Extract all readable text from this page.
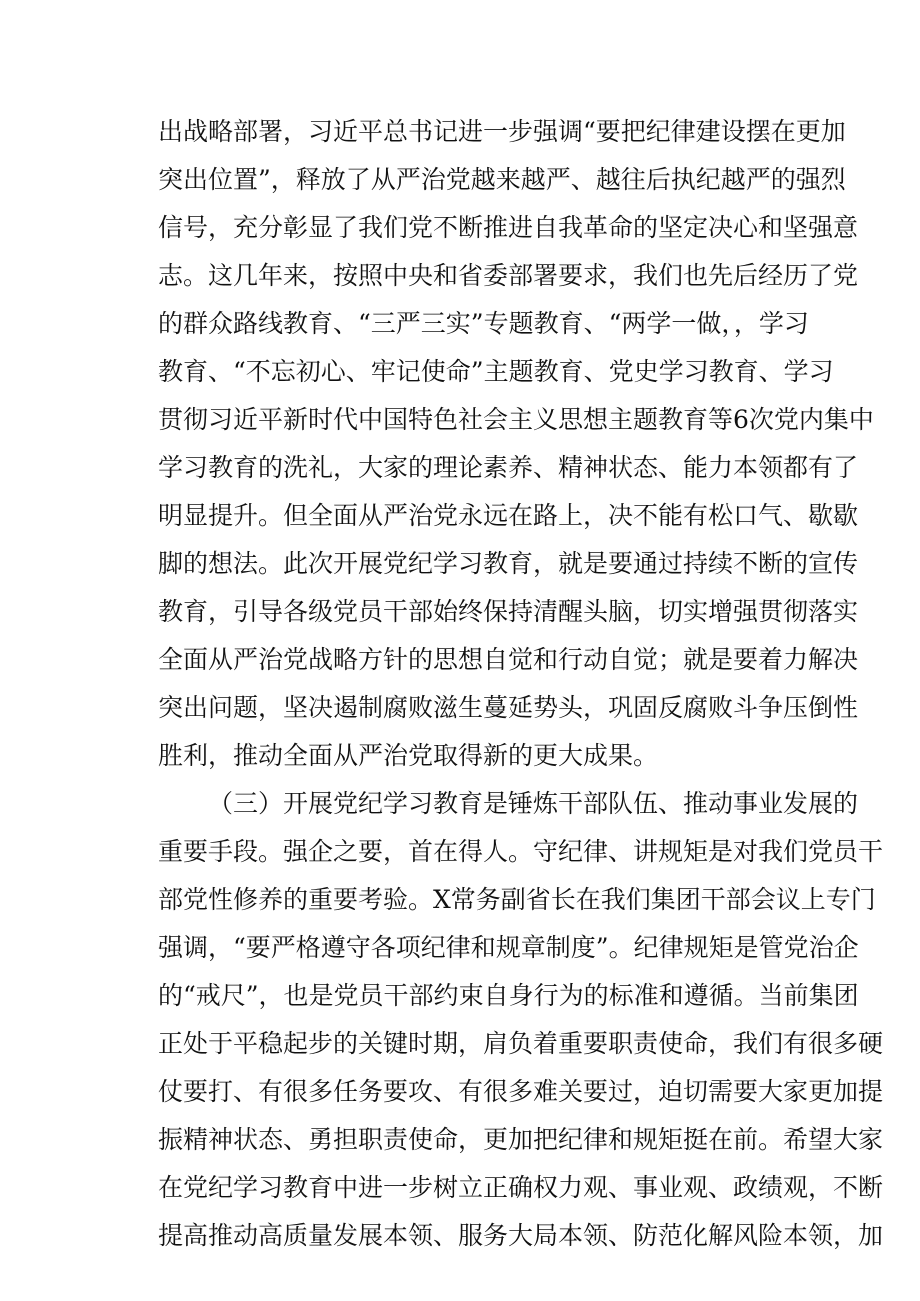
出战略部署，习近平总书记进一步强调“要把纪律建设摆在更加
突出位置”，释放了从严治党越来越严、越往后执纪越严的强烈
信号，充分彰显了我们党不断推进自我革命的坚定决心和坚强意
志。这几年来，按照中央和省委部署要求，我们也先后经历了党
的群众路线教育、“三严三实”专题教育、“两学一做，，学习
教育、“不忘初心、牢记使命”主题教育、党史学习教育、学习
贯彻习近平新时代中国特色社会主义思想主题教育等6次党内集中
学习教育的洗礼，大家的理论素养、精神状态、能力本领都有了
明显提升。但全面从严治党永远在路上，决不能有松口气、歇歇
脚的想法。此次开展党纪学习教育，就是要通过持续不断的宣传
教育，引导各级党员干部始终保持清醒头脑，切实增强贯彻落实
全面从严治党战略方针的思想自觉和行动自觉；就是要着力解决
突出问题，坚决遏制腐败滋生蔓延势头，巩固反腐败斗争压倒性
胜利，推动全面从严治党取得新的更大成果。
（三）开展党纪学习教育是锤炼干部队伍、推动事业发展的
重要手段。强企之要，首在得人。守纪律、讲规矩是对我们党员干
部党性修养的重要考验。X常务副省长在我们集团干部会议上专门
强调，“要严格遵守各项纪律和规章制度”。纪律规矩是管党治企
的“戒尺”，也是党员干部约束自身行为的标准和遵循。当前集团
正处于平稳起步的关键时期，肩负着重要职责使命，我们有很多硬
仗要打、有很多任务要攻、有很多难关要过，迫切需要大家更加提
振精神状态、勇担职责使命，更加把纪律和规矩挺在前。希望大家
在党纪学习教育中进一步树立正确权力观、事业观、政绩观，不断
提高推动高质量发展本领、服务大局本领、防范化解风险本领，加
